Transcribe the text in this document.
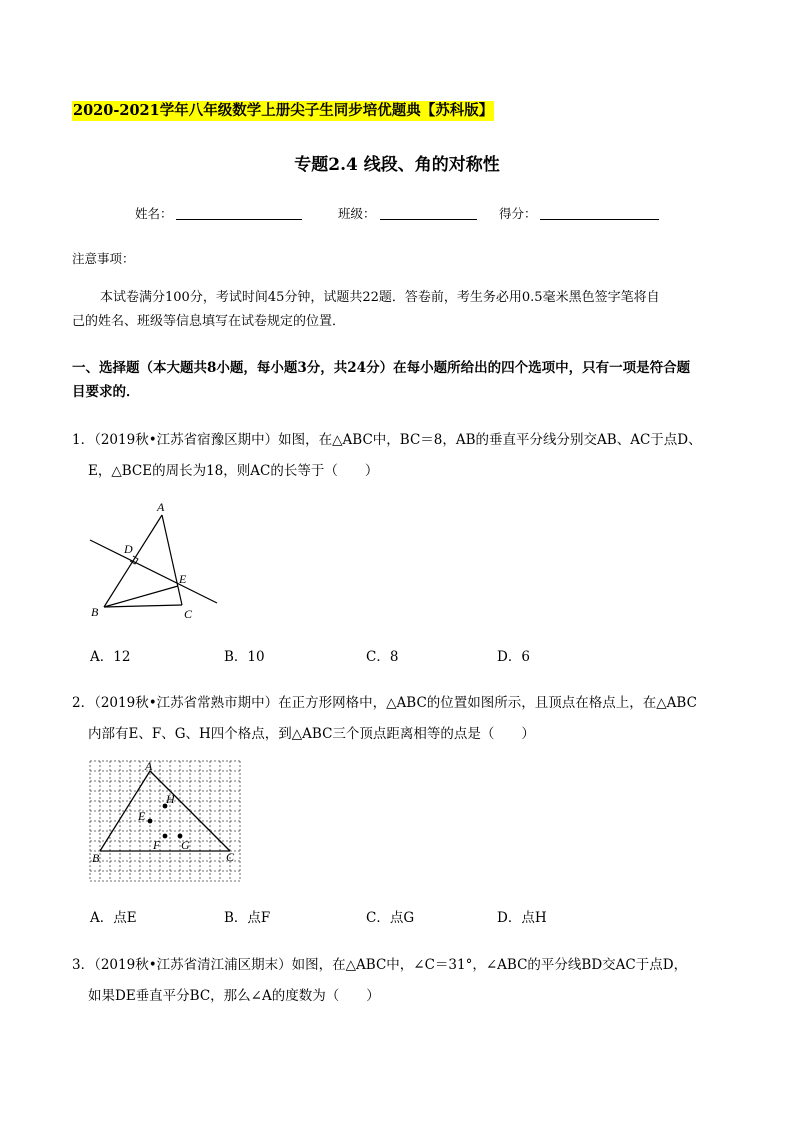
2020-2021学年八年级数学上册尖子生同步培优题典【苏科版】
专题2.4 线段、角的对称性
姓名：	班级：	得分：
注意事项：
本试卷满分100分，考试时间45分钟，试题共22题．答卷前，考生务必用0.5毫米黑色签字笔将自
己的姓名、班级等信息填写在试卷规定的位置．
一、选择题（本大题共8小题，每小题3分，共24分）在每小题所给出的四个选项中，只有一项是符合题
目要求的．
1．（2019秋•江苏省宿豫区期中）如图，在△ABC中，BC＝8，AB的垂直平分线分别交AB、AC于点D、
E，△BCE的周长为18，则AC的长等于（　　）
A
D
E
B	C
A．12	B．10	C．8	D．6
2．（2019秋•江苏省常熟市期中）在正方形网格中，△ABC的位置如图所示，且顶点在格点上，在△ABC
内部有E、F、G、H四个格点，到△ABC三个顶点距离相等的点是（　　）
A
H
E
F G
B	C
A．点E	B．点F	C．点G	D．点H
3．（2019秋•江苏省清江浦区期末）如图，在△ABC中，∠C＝31°，∠ABC的平分线BD交AC于点D，
如果DE垂直平分BC，那么∠A的度数为（　　）
